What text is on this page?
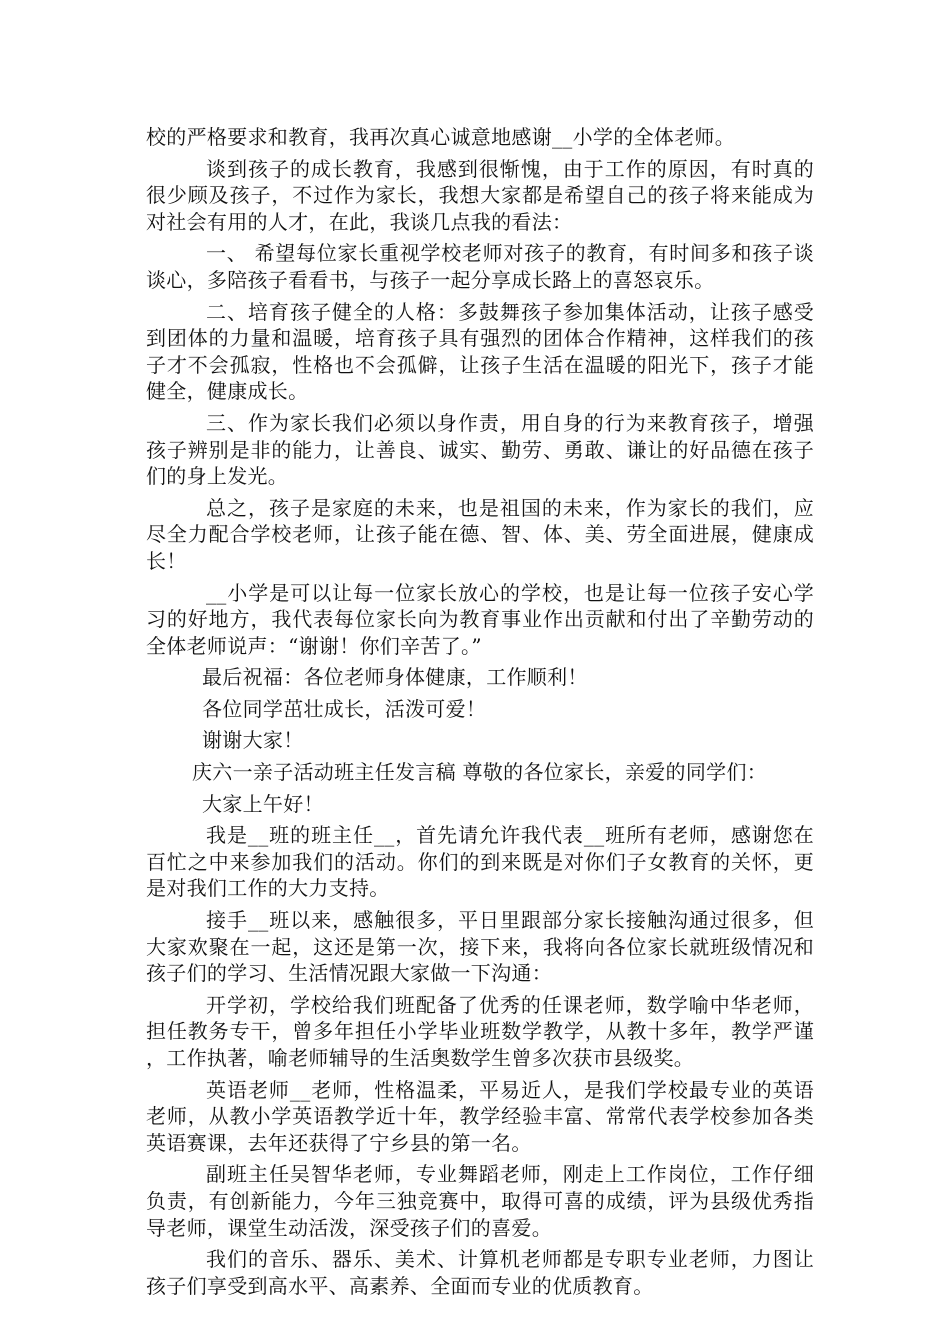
校的严格要求和教育，我再次真心诚意地感谢__小学的全体老师。

谈到孩子的成长教育，我感到很惭愧，由于工作的原因，有时真的很少顾及孩子，不过作为家长，我想大家都是希望自己的孩子将来能成为对社会有用的人才，在此，我谈几点我的看法：

一、 希望每位家长重视学校老师对孩子的教育，有时间多和孩子谈谈心，多陪孩子看看书，与孩子一起分享成长路上的喜怒哀乐。

二、培育孩子健全的人格：多鼓舞孩子参加集体活动，让孩子感受到团体的力量和温暖，培育孩子具有强烈的团体合作精神，这样我们的孩子才不会孤寂，性格也不会孤僻，让孩子生活在温暖的阳光下，孩子才能健全，健康成长。

三、作为家长我们必须以身作责，用自身的行为来教育孩子，增强孩子辨别是非的能力，让善良、诚实、勤劳、勇敢、谦让的好品德在孩子们的身上发光。

总之，孩子是家庭的未来，也是祖国的未来，作为家长的我们，应尽全力配合学校老师，让孩子能在德、智、体、美、劳全面进展，健康成长！

__小学是可以让每一位家长放心的学校，也是让每一位孩子安心学习的好地方，我代表每位家长向为教育事业作出贡献和付出了辛勤劳动的全体老师说声：“谢谢！你们辛苦了。”

最后祝福：各位老师身体健康，工作顺利！

各位同学茁壮成长，活泼可爱！

谢谢大家！

庆六一亲子活动班主任发言稿 尊敬的各位家长，亲爱的同学们：

大家上午好！

我是__班的班主任__，首先请允许我代表__班所有老师，感谢您在百忙之中来参加我们的活动。你们的到来既是对你们子女教育的关怀，更是对我们工作的大力支持。

接手__班以来，感触很多，平日里跟部分家长接触沟通过很多，但大家欢聚在一起，这还是第一次，接下来，我将向各位家长就班级情况和孩子们的学习、生活情况跟大家做一下沟通：

开学初，学校给我们班配备了优秀的任课老师，数学喻中华老师，担任教务专干，曾多年担任小学毕业班数学教学，从教十多年，教学严谨，工作执著，喻老师辅导的生活奥数学生曾多次获市县级奖。

英语老师__老师，性格温柔，平易近人，是我们学校最专业的英语老师，从教小学英语教学近十年，教学经验丰富、常常代表学校参加各类英语赛课，去年还获得了宁乡县的第一名。

副班主任吴智华老师，专业舞蹈老师，刚走上工作岗位，工作仔细负责，有创新能力，今年三独竞赛中，取得可喜的成绩，评为县级优秀指导老师，课堂生动活泼，深受孩子们的喜爱。

我们的音乐、器乐、美术、计算机老师都是专职专业老师，力图让孩子们享受到高水平、高素养、全面而专业的优质教育。
